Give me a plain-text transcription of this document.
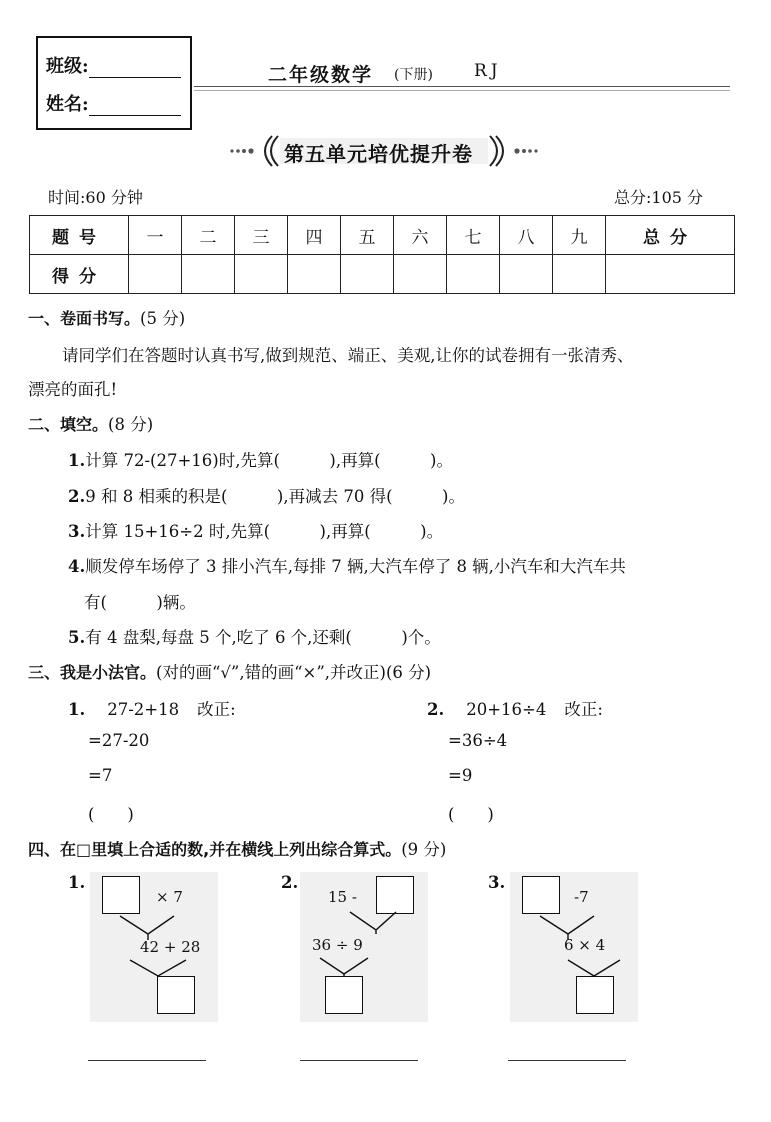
班级:
姓名:
二年级数学 (下册) RJ
第五单元培优提升卷
时间:60 分钟	总分:105 分
题号	一	二	三	四	五	六	七	八	九	总分
得分										
一、卷面书写。(5 分)
请同学们在答题时认真书写,做到规范、端正、美观,让你的试卷拥有一张清秀、
漂亮的面孔!
二、填空。(8 分)
1.计算 72-(27+16)时,先算(　　　),再算(　　　)。
2.9 和 8 相乘的积是(　　　),再减去 70 得(　　　)。
3.计算 15+16÷2 时,先算(　　　),再算(　　　)。
4.顺发停车场停了 3 排小汽车,每排 7 辆,大汽车停了 8 辆,小汽车和大汽车共
有(　　　)辆。
5.有 4 盘梨,每盘 5 个,吃了 6 个,还剩(　　　)个。
三、我是小法官。(对的画“√”,错的画“×”,并改正)(6 分)
1. 27-2+18 改正:
=27-20
=7
(　　)
2. 20+16÷4 改正:
=36÷4
=9
(　　)
四、在□里填上合适的数,并在横线上列出综合算式。(9 分)
1.
× 7
42 + 28
2.
15 -
36 ÷ 9
3.
-7
6 × 4
